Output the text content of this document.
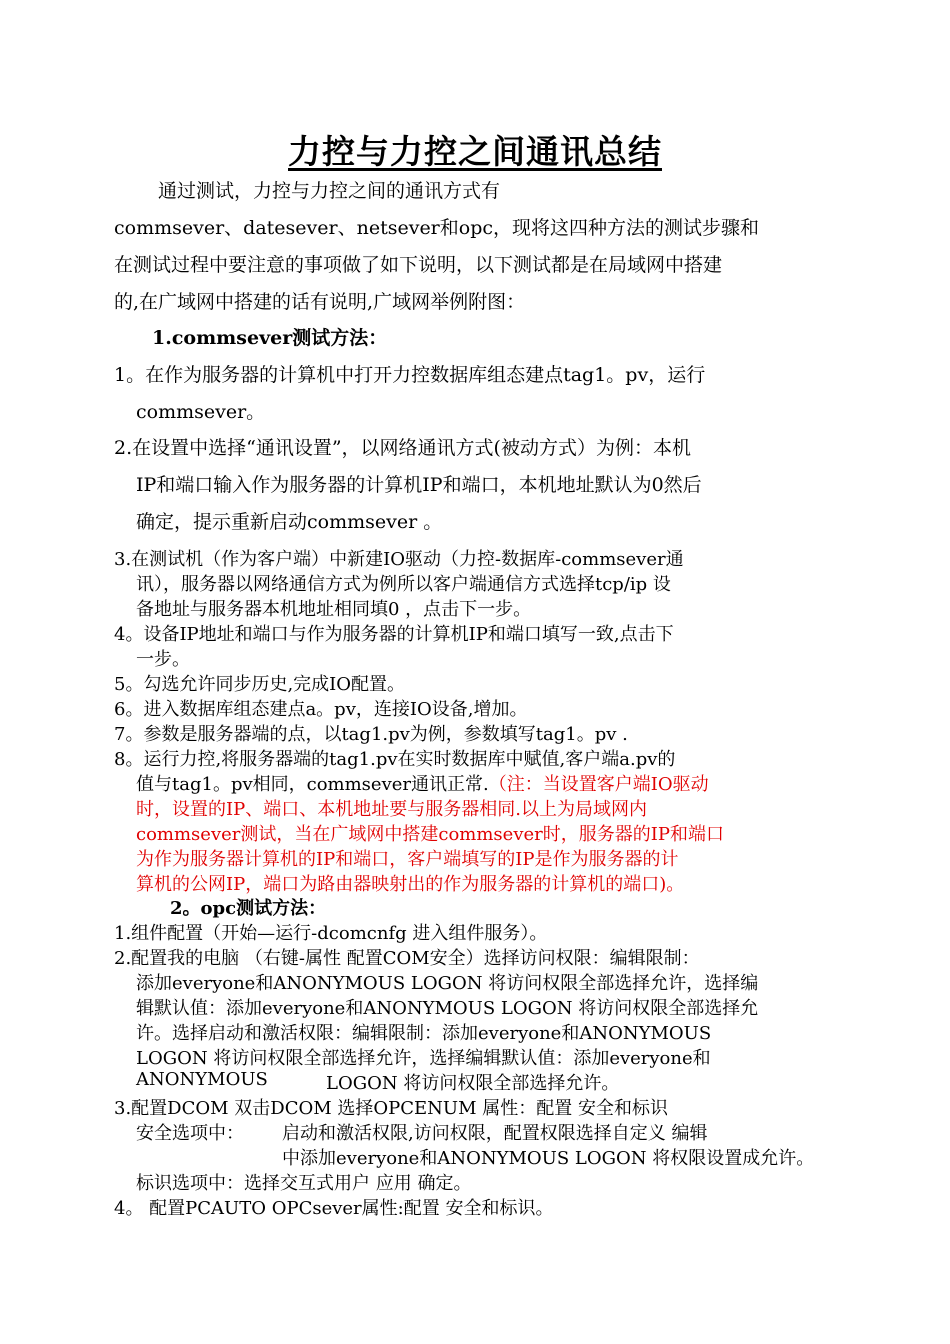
力控与力控之间通讯总结
通过测试，力控与力控之间的通讯方式有
commsever、datesever、netsever和opc，现将这四种方法的测试步骤和
在测试过程中要注意的事项做了如下说明，以下测试都是在局域网中搭建
的,在广域网中搭建的话有说明,广域网举例附图：
1.commsever测试方法：
1。在作为服务器的计算机中打开力控数据库组态建点tag1。pv，运行
commsever。
2.在设置中选择“通讯设置”，以网络通讯方式(被动方式）为例：本机
IP和端口输入作为服务器的计算机IP和端口，本机地址默认为0然后
确定，提示重新启动commsever 。
3.在测试机（作为客户端）中新建IO驱动（力控-数据库-commsever通
讯），服务器以网络通信方式为例所以客户端通信方式选择tcp/ip 设
备地址与服务器本机地址相同填0 ，点击下一步。
4。设备IP地址和端口与作为服务器的计算机IP和端口填写一致,点击下
一步。
5。勾选允许同步历史,完成IO配置。
6。进入数据库组态建点a。pv，连接IO设备,增加。
7。参数是服务器端的点，以tag1.pv为例，参数填写tag1。pv .
8。运行力控,将服务器端的tag1.pv在实时数据库中赋值,客户端a.pv的
值与tag1。pv相同，commsever通讯正常.（注：当设置客户端IO驱动
时，设置的IP、端口、本机地址要与服务器相同.以上为局域网内
commsever测试，当在广域网中搭建commsever时，服务器的IP和端口
为作为服务器计算机的IP和端口，客户端填写的IP是作为服务器的计
算机的公网IP，端口为路由器映射出的作为服务器的计算机的端口)。
2。opc测试方法：
1.组件配置（开始—运行-dcomcnfg 进入组件服务）。
2.配置我的电脑 （右键-属性 配置COM安全）选择访问权限：编辑限制：
添加everyone和ANONYMOUS LOGON 将访问权限全部选择允许，选择编
辑默认值：添加everyone和ANONYMOUS LOGON 将访问权限全部选择允
许。选择启动和激活权限：编辑限制：添加everyone和ANONYMOUS
LOGON 将访问权限全部选择允许，选择编辑默认值：添加everyone和
ANONYMOUS	LOGON 将访问权限全部选择允许。
3.配置DCOM 双击DCOM 选择OPCENUM 属性：配置 安全和标识
安全选项中： 启动和激活权限,访问权限，配置权限选择自定义 编辑
中添加everyone和ANONYMOUS LOGON 将权限设置成允许。
标识选项中：选择交互式用户 应用 确定。
4。 配置PCAUTO OPCsever属性:配置 安全和标识。
